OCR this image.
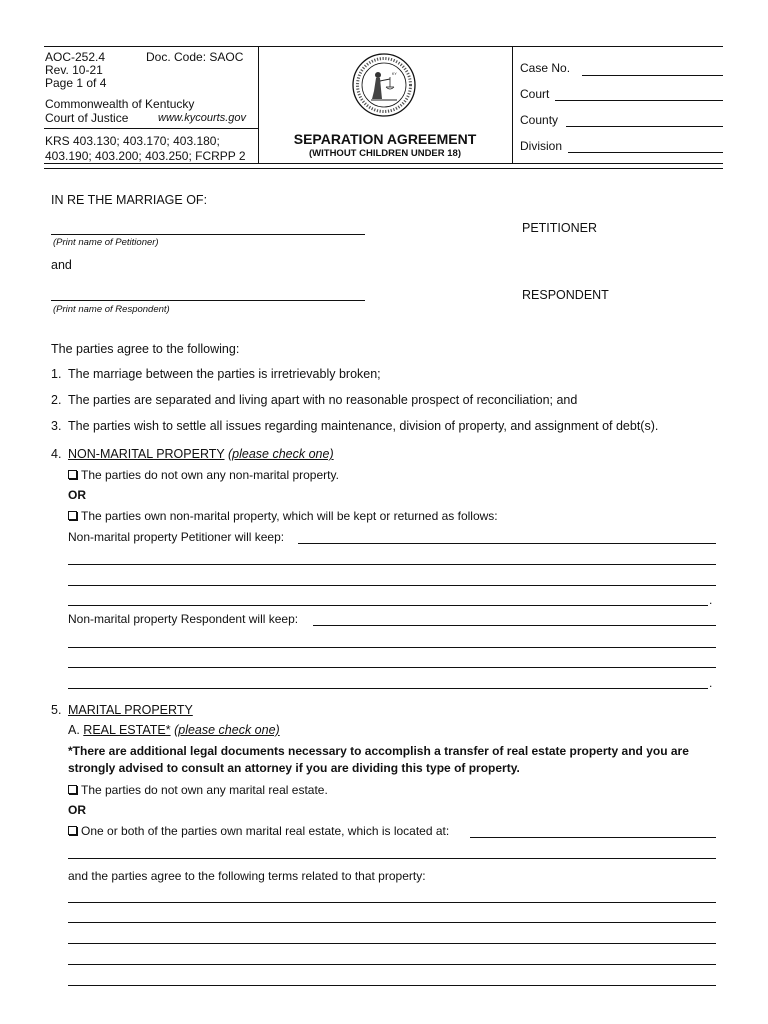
AOC-252.4	Doc. Code: SAOC
Rev. 10-21
Page 1 of 4
Commonwealth of Kentucky
Court of Justice	www.kycourts.gov
KRS 403.130; 403.170; 403.180;
403.190; 403.200; 403.250; FCRPP 2
KY
SEPARATION AGREEMENT
(WITHOUT CHILDREN UNDER 18)
Case No.
Court
County
Division
IN RE THE MARRIAGE OF:
(Print name of Petitioner)
PETITIONER
and
(Print name of Respondent)
RESPONDENT
The parties agree to the following:
1. The marriage between the parties is irretrievably broken;
2. The parties are separated and living apart with no reasonable prospect of reconciliation; and
3. The parties wish to settle all issues regarding maintenance, division of property, and assignment of debt(s).
4. NON-MARITAL PROPERTY (please check one)
The parties do not own any non-marital property.
OR
The parties own non-marital property, which will be kept or returned as follows:
Non-marital property Petitioner will keep:
.
Non-marital property Respondent will keep:
.
5. MARITAL PROPERTY
A. REAL ESTATE* (please check one)
*There are additional legal documents necessary to accomplish a transfer of real estate property and you are
strongly advised to consult an attorney if you are dividing this type of property.
The parties do not own any marital real estate.
OR
One or both of the parties own marital real estate, which is located at:
and the parties agree to the following terms related to that property:
